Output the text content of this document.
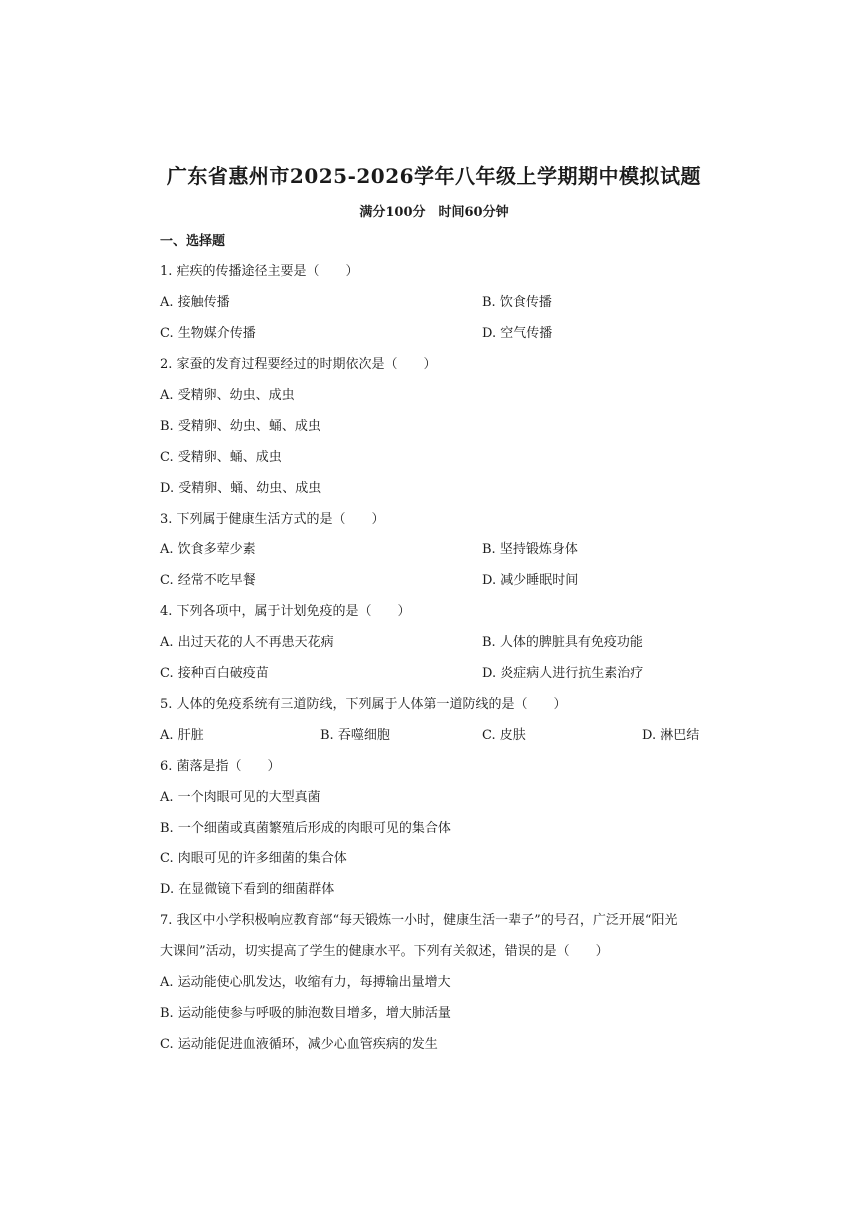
广东省惠州市2025-2026学年八年级上学期期中模拟试题
满分100分　时间60分钟
一、选择题
1. 疟疾的传播途径主要是（　　）
A. 接触传播	B. 饮食传播
C. 生物媒介传播	D. 空气传播
2. 家蚕的发育过程要经过的时期依次是（　　）
A. 受精卵、幼虫、成虫
B. 受精卵、幼虫、蛹、成虫
C. 受精卵、蛹、成虫
D. 受精卵、蛹、幼虫、成虫
3. 下列属于健康生活方式的是（　　）
A. 饮食多荤少素	B. 坚持锻炼身体
C. 经常不吃早餐	D. 减少睡眠时间
4. 下列各项中，属于计划免疫的是（　　）
A. 出过天花的人不再患天花病	B. 人体的脾脏具有免疫功能
C. 接种百白破疫苗	D. 炎症病人进行抗生素治疗
5. 人体的免疫系统有三道防线，下列属于人体第一道防线的是（　　）
A. 肝脏	B. 吞噬细胞	C. 皮肤	D. 淋巴结
6. 菌落是指（　　）
A. 一个肉眼可见的大型真菌
B. 一个细菌或真菌繁殖后形成的肉眼可见的集合体
C. 肉眼可见的许多细菌的集合体
D. 在显微镜下看到的细菌群体
7. 我区中小学积极响应教育部“每天锻炼一小时，健康生活一辈子”的号召，广泛开展“阳光
大课间”活动，切实提高了学生的健康水平。下列有关叙述，错误的是（　　）
A. 运动能使心肌发达，收缩有力，每搏输出量增大
B. 运动能使参与呼吸的肺泡数目增多，增大肺活量
C. 运动能促进血液循环，减少心血管疾病的发生
